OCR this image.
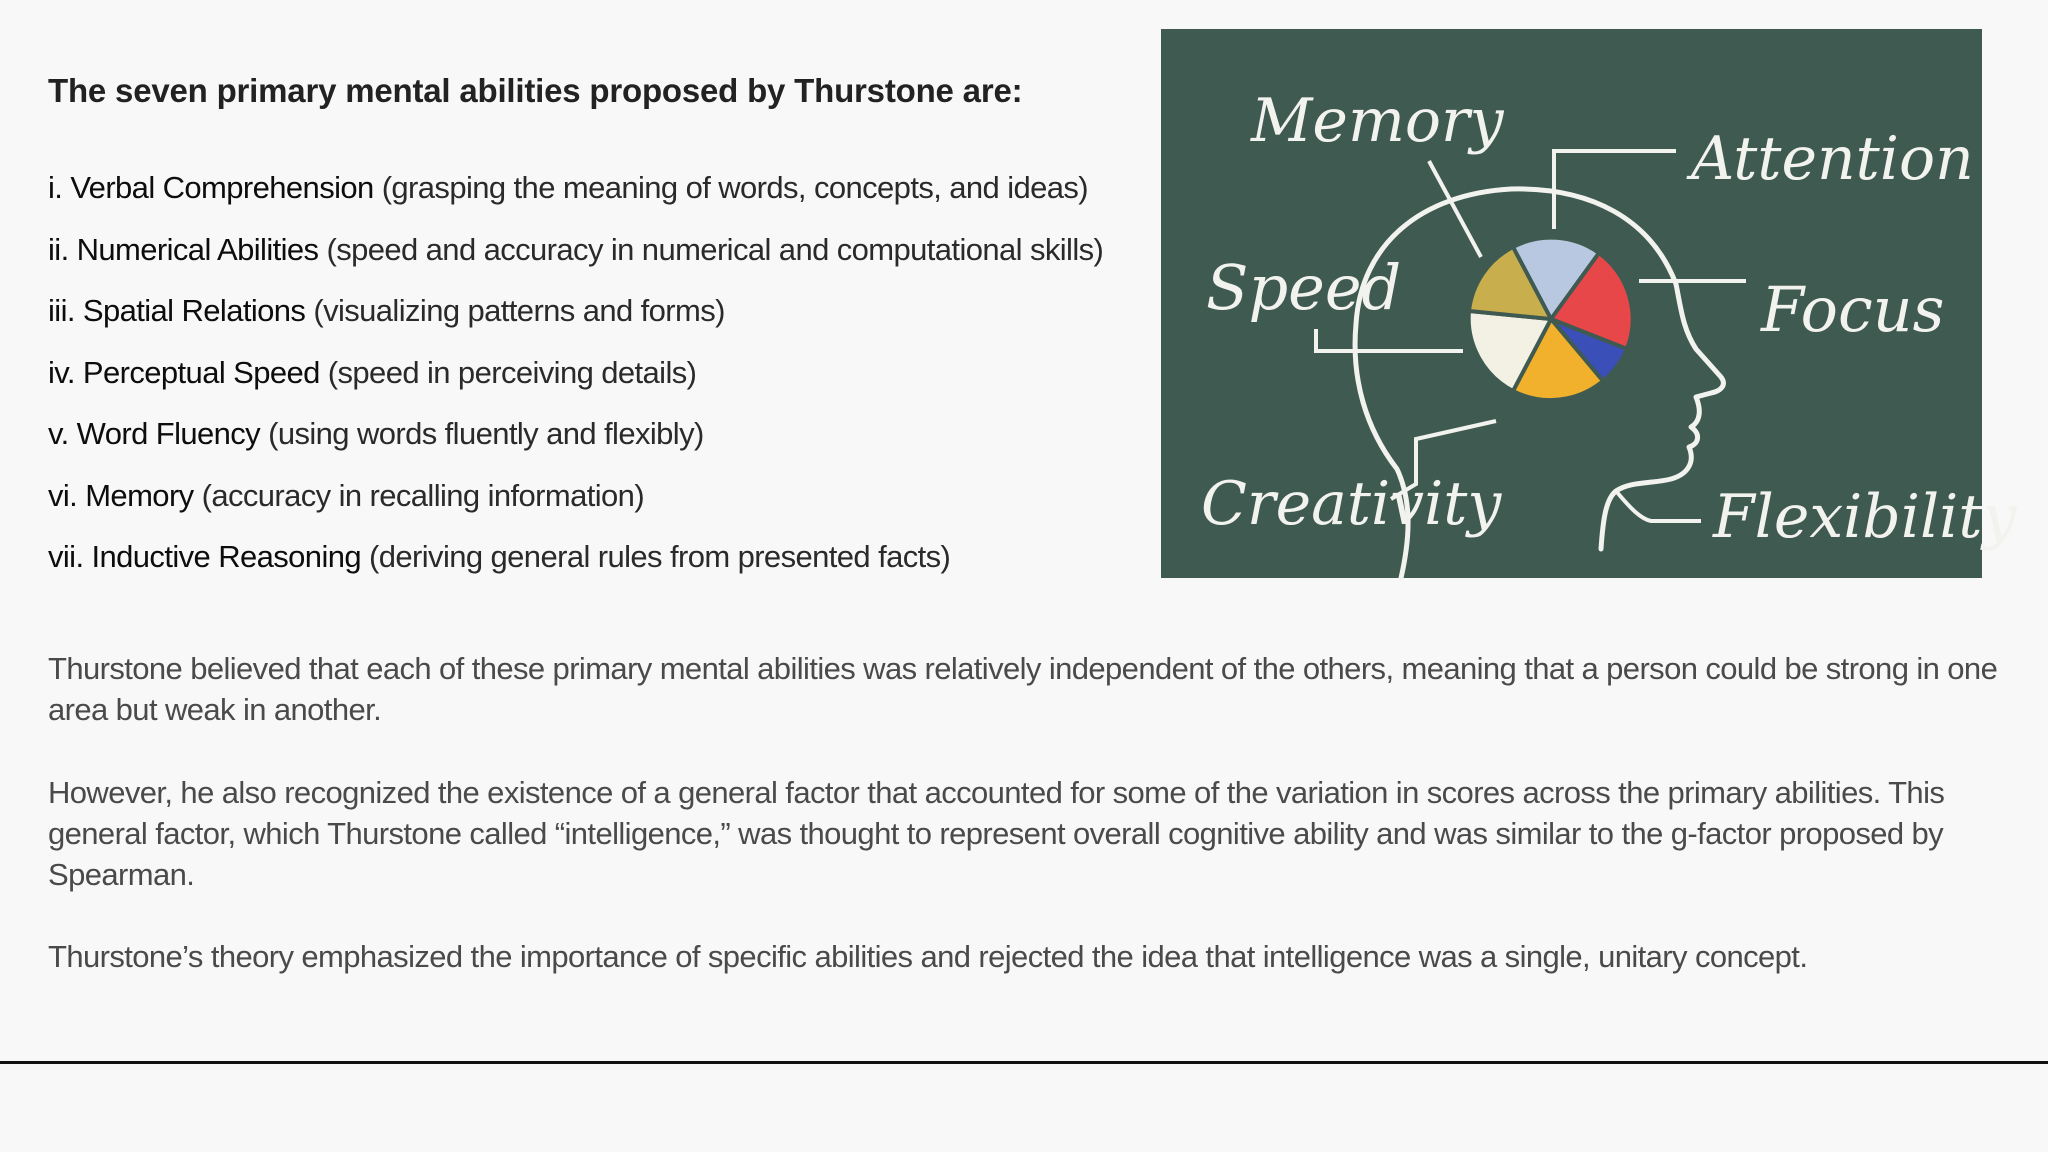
The seven primary mental abilities proposed by Thurstone are:
i. Verbal Comprehension (grasping the meaning of words, concepts, and ideas)
ii. Numerical Abilities (speed and accuracy in numerical and computational skills)
iii. Spatial Relations (visualizing patterns and forms)
iv. Perceptual Speed (speed in perceiving details)
v. Word Fluency (using words fluently and flexibly)
vi. Memory (accuracy in recalling information)
vii. Inductive Reasoning (deriving general rules from presented facts)
Memory
Attention
Speed	Focus
Creativity	Flexibility

Thurstone believed that each of these primary mental abilities was relatively independent of the others, meaning that a person could be strong in one area but weak in another.

However, he also recognized the existence of a general factor that accounted for some of the variation in scores across the primary abilities. This general factor, which Thurstone called “intelligence,” was thought to represent overall cognitive ability and was similar to the g-factor proposed by Spearman.

Thurstone’s theory emphasized the importance of specific abilities and rejected the idea that intelligence was a single, unitary concept.
